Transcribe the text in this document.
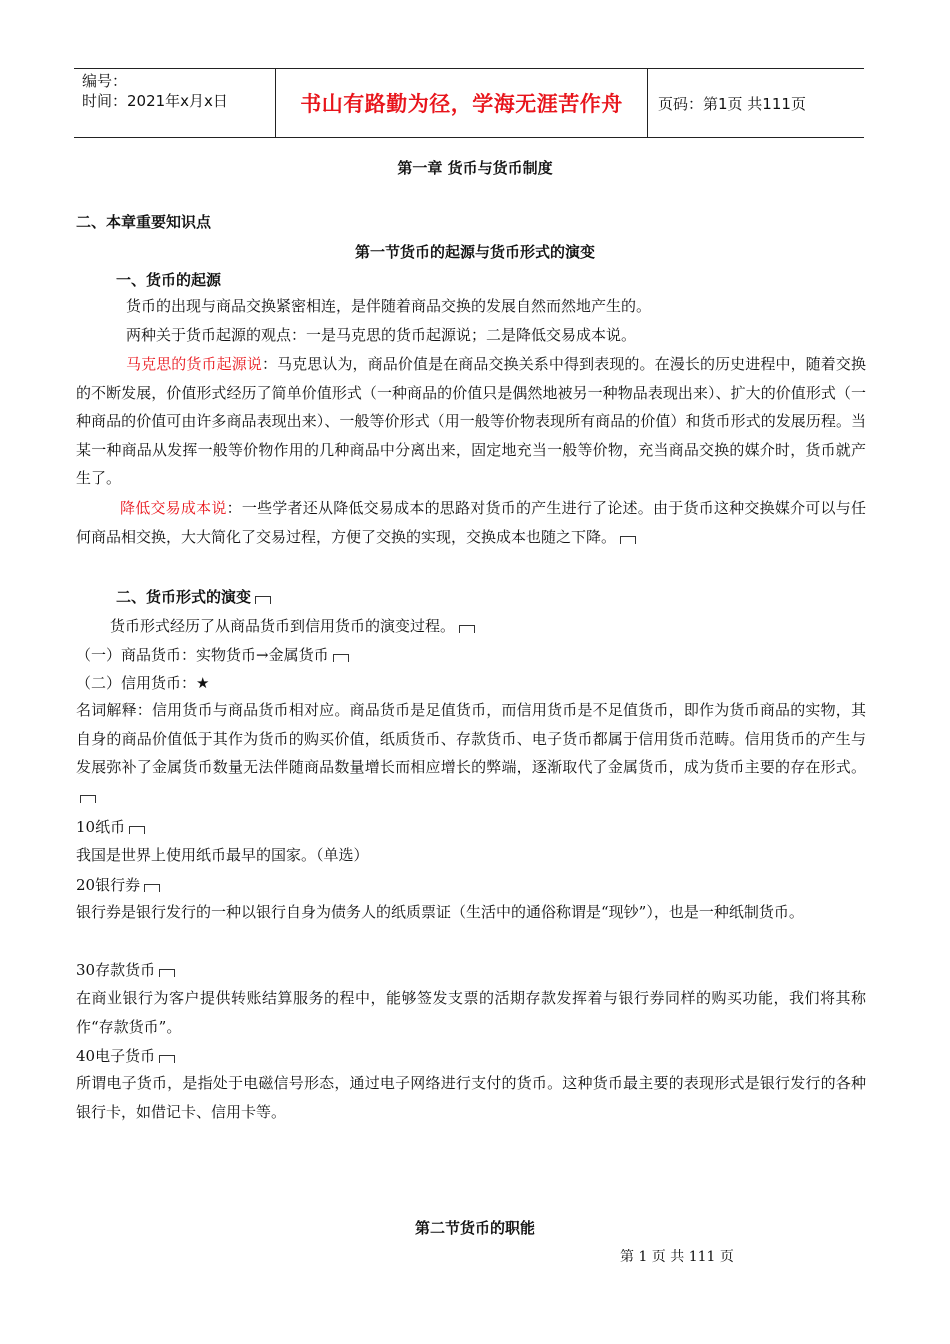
编号：
时间：2021年x月x日	书山有路勤为径，学海无涯苦作舟	页码：第1页 共111页
第一章 货币与货币制度
二、本章重要知识点
第一节货币的起源与货币形式的演变
一、货币的起源
货币的出现与商品交换紧密相连，是伴随着商品交换的发展自然而然地产生的。
两种关于货币起源的观点：一是马克思的货币起源说；二是降低交易成本说。
马克思的货币起源说：马克思认为，商品价值是在商品交换关系中得到表现的。在漫长的历史进程中，随着交换的不断发展，价值形式经历了简单价值形式（一种商品的价值只是偶然地被另一种物品表现出来）、扩大的价值形式（一种商品的价值可由许多商品表现出来）、一般等价形式（用一般等价物表现所有商品的价值）和货币形式的发展历程。当某一种商品从发挥一般等价物作用的几种商品中分离出来，固定地充当一般等价物，充当商品交换的媒介时，货币就产生了。
降低交易成本说：一些学者还从降低交易成本的思路对货币的产生进行了论述。由于货币这种交换媒介可以与任何商品相交换，大大简化了交易过程，方便了交换的实现，交换成本也随之下降。
二、货币形式的演变
货币形式经历了从商品货币到信用货币的演变过程。
（一）商品货币：实物货币→金属货币
（二）信用货币：★
名词解释：信用货币与商品货币相对应。商品货币是足值货币，而信用货币是不足值货币，即作为货币商品的实物，其自身的商品价值低于其作为货币的购买价值，纸质货币、存款货币、电子货币都属于信用货币范畴。信用货币的产生与发展弥补了金属货币数量无法伴随商品数量增长而相应增长的弊端，逐渐取代了金属货币，成为货币主要的存在形式。
10纸币
我国是世界上使用纸币最早的国家。（单选）
20银行券
银行券是银行发行的一种以银行自身为债务人的纸质票证（生活中的通俗称谓是“现钞”），也是一种纸制货币。
30存款货币
在商业银行为客户提供转账结算服务的程中，能够签发支票的活期存款发挥着与银行券同样的购买功能，我们将其称作“存款货币”。
40电子货币
所谓电子货币，是指处于电磁信号形态，通过电子网络进行支付的货币。这种货币最主要的表现形式是银行发行的各种银行卡，如借记卡、信用卡等。
第二节货币的职能
第 1 页 共 111 页
